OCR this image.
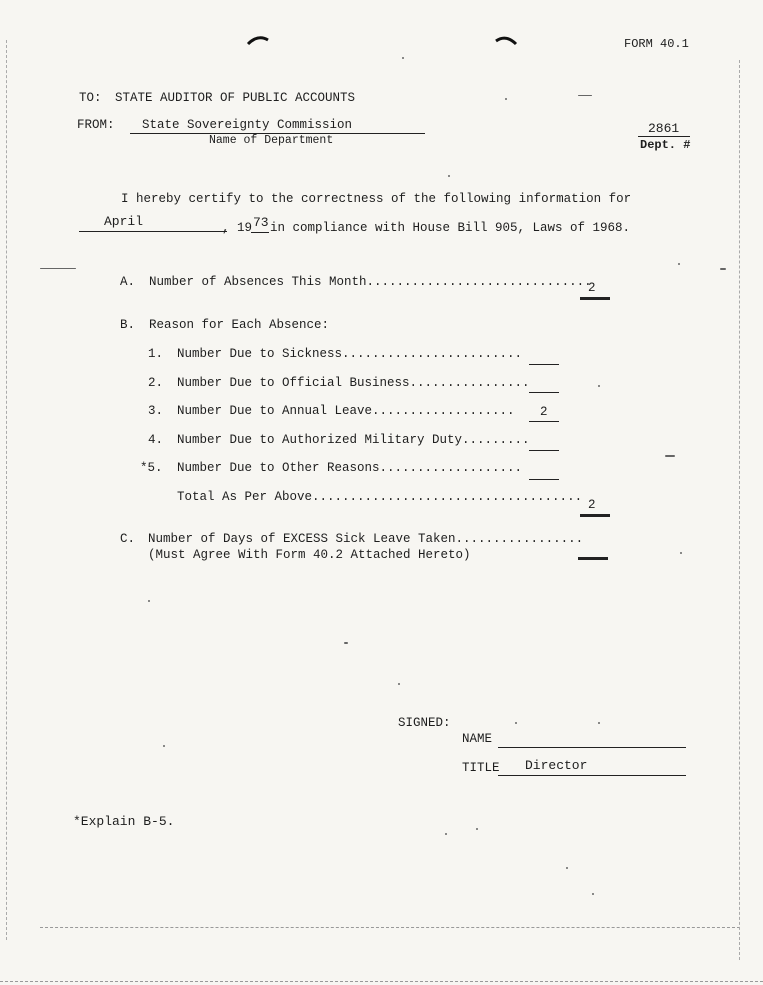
FORM 40.1
TO: STATE AUDITOR OF PUBLIC ACCOUNTS
FROM: State Sovereignty Commission
Name of Department
2861
Dept. #
I hereby certify to the correctness of the following information for
April	, 19 73 in compliance with House Bill 905, Laws of 1968.
A. Number of Absences This Month..............................
2
B. Reason for Each Absence:
1. Number Due to Sickness........................
2. Number Due to Official Business................
3. Number Due to Annual Leave................... 2
4. Number Due to Authorized Military Duty.........
*5. Number Due to Other Reasons...................
Total As Per Above....................................
2
C. Number of Days of EXCESS Sick Leave Taken.................
(Must Agree With Form 40.2 Attached Hereto)
SIGNED:
NAME
TITLE Director
*Explain B-5.
